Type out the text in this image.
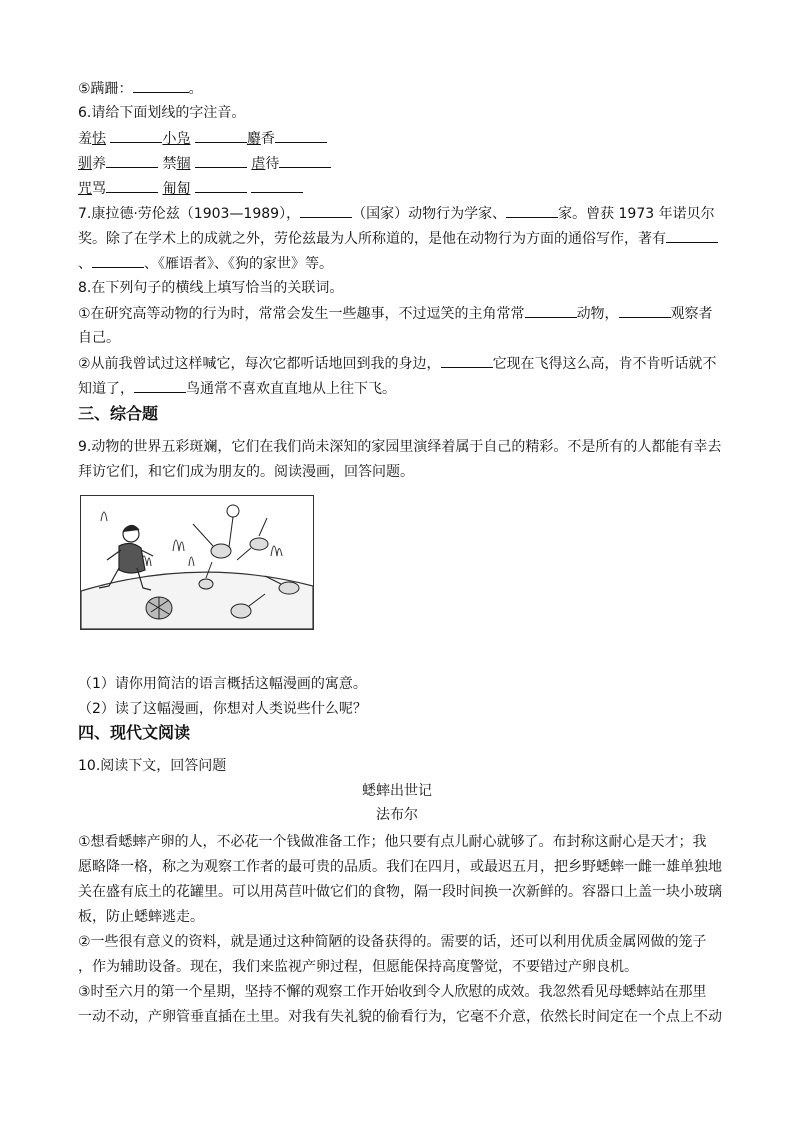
⑤蹒跚：	。
6.请给下面划线的字注音。
羞怯	小凫	麝香
驯养	禁锢	虐待
咒骂	匍匐
7.康拉德·劳伦兹（1903—1989），	（国家）动物行为学家、	家。曾获 1973 年诺贝尔
奖。除了在学术上的成就之外，劳伦兹最为人所称道的，是他在动物行为方面的通俗写作，著有
、	、《雁语者》、《狗的家世》等。
8.在下列句子的横线上填写恰当的关联词。
①在研究高等动物的行为时，常常会发生一些趣事，不过逗笑的主角常常	动物，	观察者
自己。
②从前我曾试过这样喊它，每次它都听话地回到我的身边，	它现在飞得这么高，肯不肯听话就不
知道了，	鸟通常不喜欢直直地从上往下飞。
三、综合题
9.动物的世界五彩斑斓，它们在我们尚未深知的家园里演绎着属于自己的精彩。不是所有的人都能有幸去
拜访它们，和它们成为朋友的。阅读漫画，回答问题。
（1）请你用简洁的语言概括这幅漫画的寓意。
（2）读了这幅漫画，你想对人类说些什么呢？
四、现代文阅读
10.阅读下文，回答问题
蟋蟀出世记
法布尔
①想看蟋蟀产卵的人，不必花一个钱做准备工作；他只要有点儿耐心就够了。布封称这耐心是天才；我
愿略降一格，称之为观察工作者的最可贵的品质。我们在四月，或最迟五月，把乡野蟋蟀一雌一雄单独地
关在盛有底土的花罐里。可以用莴苣叶做它们的食物，隔一段时间换一次新鲜的。容器口上盖一块小玻璃
板，防止蟋蟀逃走。
②一些很有意义的资料，就是通过这种简陋的设备获得的。需要的话，还可以利用优质金属网做的笼子
，作为辅助设备。现在，我们来监视产卵过程，但愿能保持高度警觉，不要错过产卵良机。
③时至六月的第一个星期，坚持不懈的观察工作开始收到令人欣慰的成效。我忽然看见母蟋蟀站在那里
一动不动，产卵管垂直插在土里。对我有失礼貌的偷看行为，它毫不介意，依然长时间定在一个点上不动
